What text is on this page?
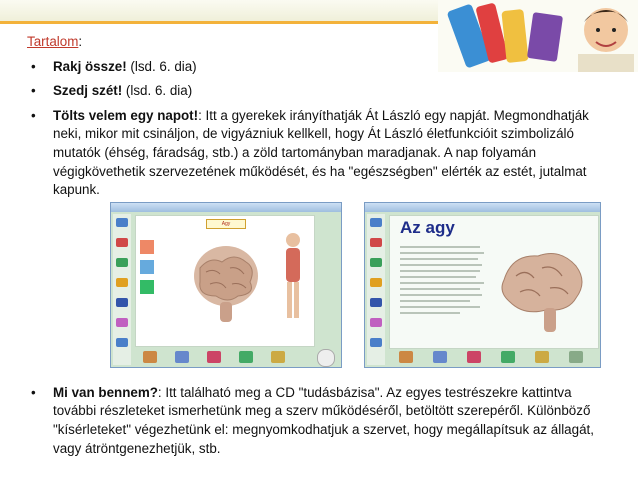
Tartalom:
• Rakj össze! (lsd. 6. dia)
• Szedj szét! (lsd. 6. dia)
• Tölts velem egy napot!: Itt a gyerekek irányíthatják Át László egy napját. Megmondhatják neki, mikor mit csináljon, de vigyázniuk kellkell, hogy Át László életfunkcióit szimbolizáló mutatók (éhség, fáradság, stb.) a zöld tartományban maradjanak. A nap folyamán végigkövethetik szervezetének működését, és ha "egészségben" elérték az estét, jutalmat kapunk.
• Mi van bennem?: Itt található meg a CD "tudásbázisa". Az egyes testrészekre kattintva további részleteket ismerhetünk meg a szerv működéséről, betöltött szerepéről. Különböző "kísérleteket" végezhetünk el: megnyomkodhatjuk a szervet, hogy megállapítsuk az állagát, vagy átröntgenezhetjük, stb.
Agy	Az agy
